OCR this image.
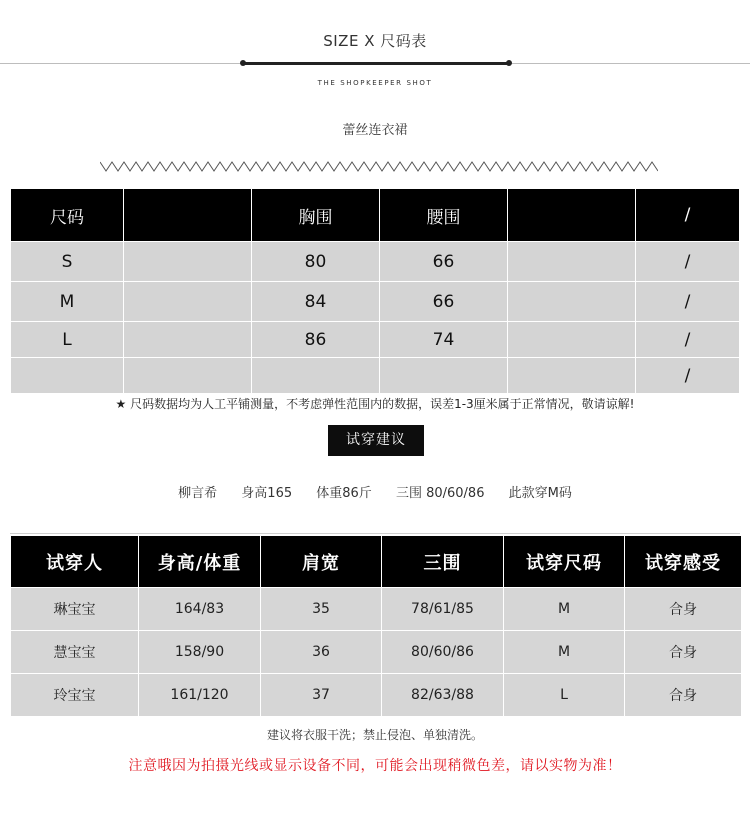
SIZE X 尺码表
THE SHOPKEEPER SHOT
蕾丝连衣裙
尺码		胸围	腰围		/
S		80	66		/
M		84	66		/
L		86	74		/
					/
★ 尺码数据均为人工平铺测量，不考虑弹性范围内的数据，误差1-3厘米属于正常情况，敬请谅解!
试穿建议
柳言希 身高165 体重86斤 三围 80/60/86 此款穿M码
试穿人	身高/体重	肩宽	三围	试穿尺码	试穿感受
琳宝宝	164/83	35	78/61/85	M	合身
慧宝宝	158/90	36	80/60/86	M	合身
玲宝宝	161/120	37	82/63/88	L	合身
建议将衣服干洗；禁止侵泡、单独清洗。
注意哦因为拍摄光线或显示设备不同，可能会出现稍微色差，请以实物为准！
